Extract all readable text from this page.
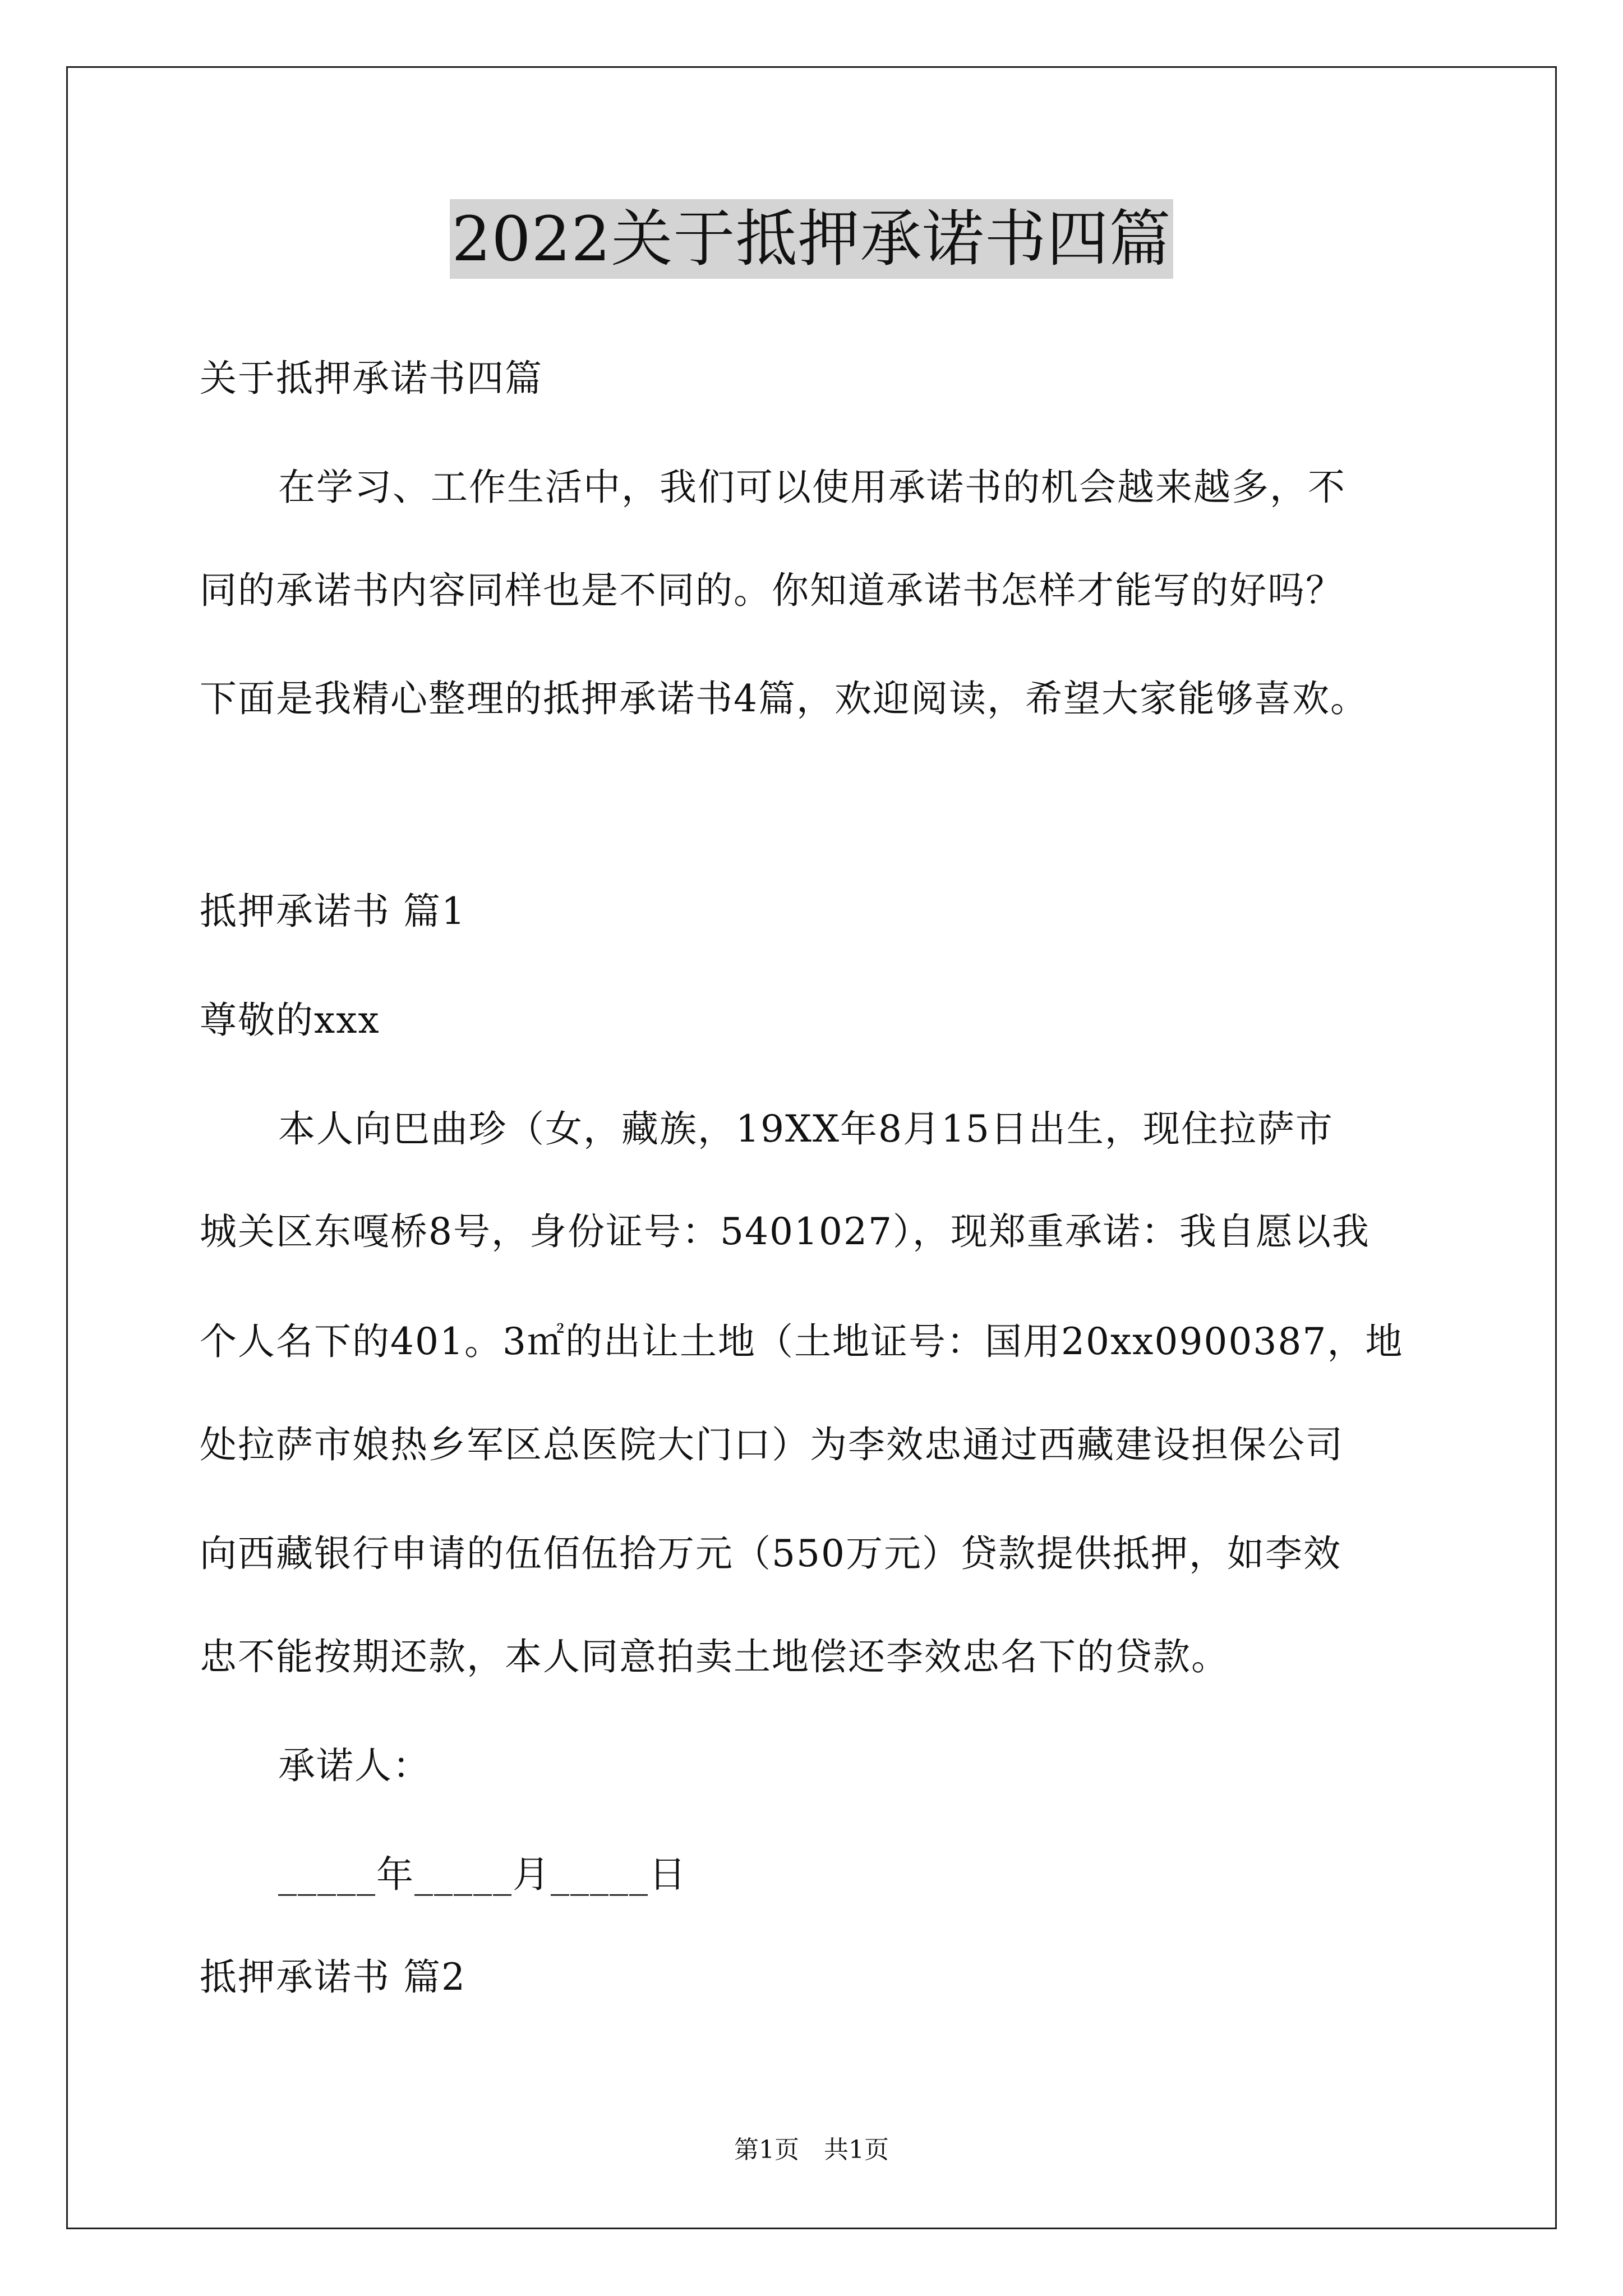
2022关于抵押承诺书四篇
关于抵押承诺书四篇
在学习、工作生活中，我们可以使用承诺书的机会越来越多，不
同的承诺书内容同样也是不同的。你知道承诺书怎样才能写的好吗？
下面是我精心整理的抵押承诺书4篇，欢迎阅读，希望大家能够喜欢。
抵押承诺书 篇1
尊敬的xxx
本人向巴曲珍（女，藏族，19XX年8月15日出生，现住拉萨市
城关区东嘎桥8号，身份证号：5401027），现郑重承诺：我自愿以我
个人名下的401。3㎡的出让土地（土地证号：国用20xx0900387，地
处拉萨市娘热乡军区总医院大门口）为李效忠通过西藏建设担保公司
向西藏银行申请的伍佰伍拾万元（550万元）贷款提供抵押，如李效
忠不能按期还款，本人同意拍卖土地偿还李效忠名下的贷款。
承诺人：
_____年_____月_____日
抵押承诺书 篇2
第1页　共1页
